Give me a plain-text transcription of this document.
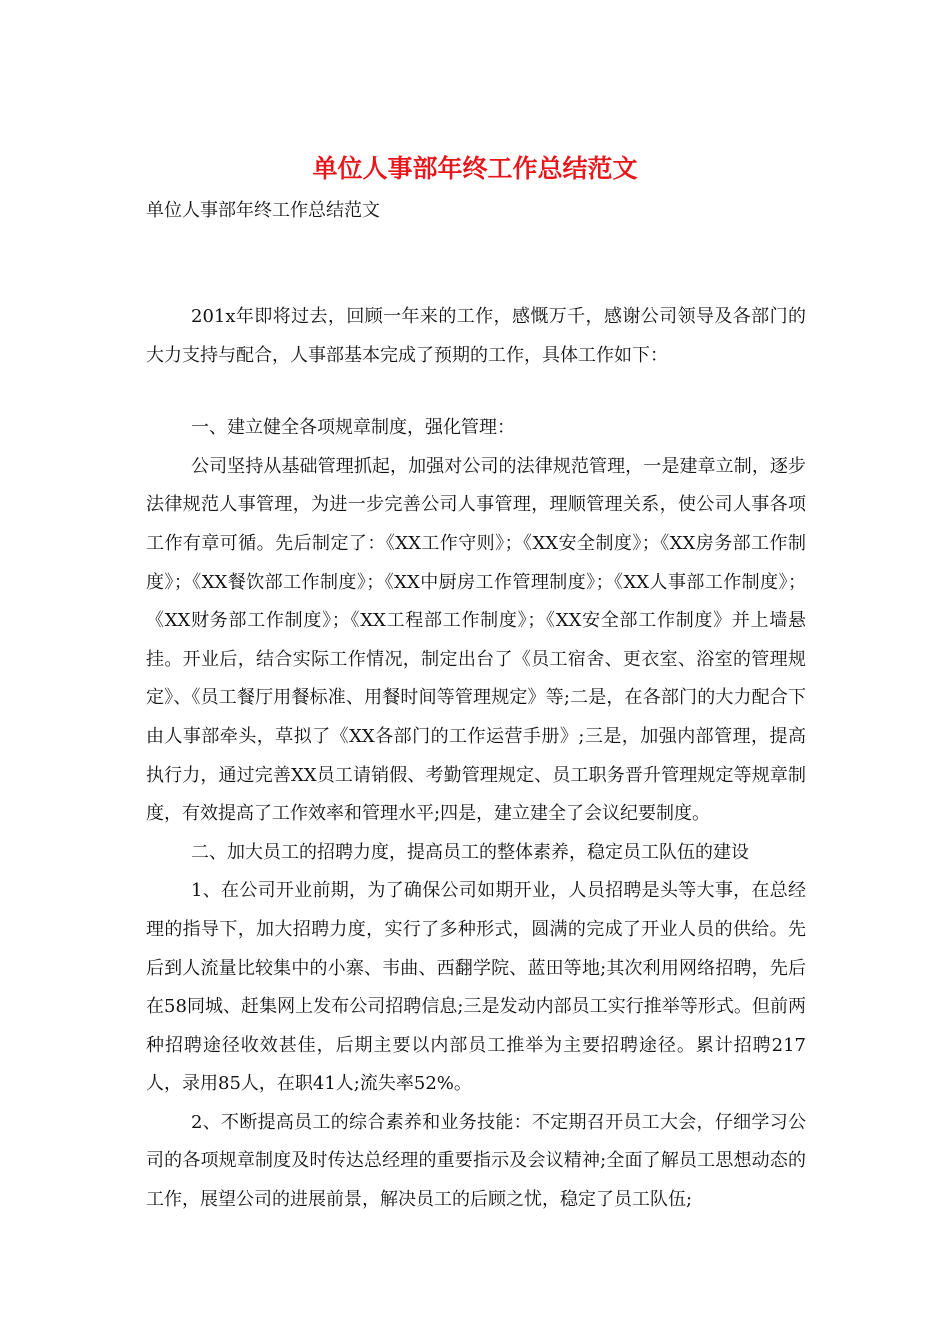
单位人事部年终工作总结范文

单位人事部年终工作总结范文

201x年即将过去，回顾一年来的工作，感慨万千，感谢公司领导及各部门的大力支持与配合，人事部基本完成了预期的工作，具体工作如下：

一、建立健全各项规章制度，强化管理：

公司坚持从基础管理抓起，加强对公司的法律规范管理，一是建章立制，逐步法律规范人事管理，为进一步完善公司人事管理，理顺管理关系，使公司人事各项工作有章可循。先后制定了：《XX工作守则》；《XX安全制度》；《XX房务部工作制度》；《XX餐饮部工作制度》；《XX中厨房工作管理制度》；《XX人事部工作制度》；《XX财务部工作制度》；《XX工程部工作制度》；《XX安全部工作制度》并上墙悬挂。开业后，结合实际工作情况，制定出台了《员工宿舍、更衣室、浴室的管理规定》、《员工餐厅用餐标准、用餐时间等管理规定》等;二是，在各部门的大力配合下由人事部牵头，草拟了《XX各部门的工作运营手册》;三是，加强内部管理，提高执行力，通过完善XX员工请销假、考勤管理规定、员工职务晋升管理规定等规章制度，有效提高了工作效率和管理水平;四是，建立建全了会议纪要制度。

二、加大员工的招聘力度，提高员工的整体素养，稳定员工队伍的建设

1、在公司开业前期，为了确保公司如期开业，人员招聘是头等大事，在总经理的指导下，加大招聘力度，实行了多种形式，圆满的完成了开业人员的供给。先后到人流量比较集中的小寨、韦曲、西翻学院、蓝田等地;其次利用网络招聘，先后在58同城、赶集网上发布公司招聘信息;三是发动内部员工实行推举等形式。但前两种招聘途径收效甚佳，后期主要以内部员工推举为主要招聘途径。累计招聘217人，录用85人，在职41人;流失率52%。

2、不断提高员工的综合素养和业务技能：不定期召开员工大会，仔细学习公司的各项规章制度及时传达总经理的重要指示及会议精神;全面了解员工思想动态的工作，展望公司的进展前景，解决员工的后顾之忧，稳定了员工队伍;
